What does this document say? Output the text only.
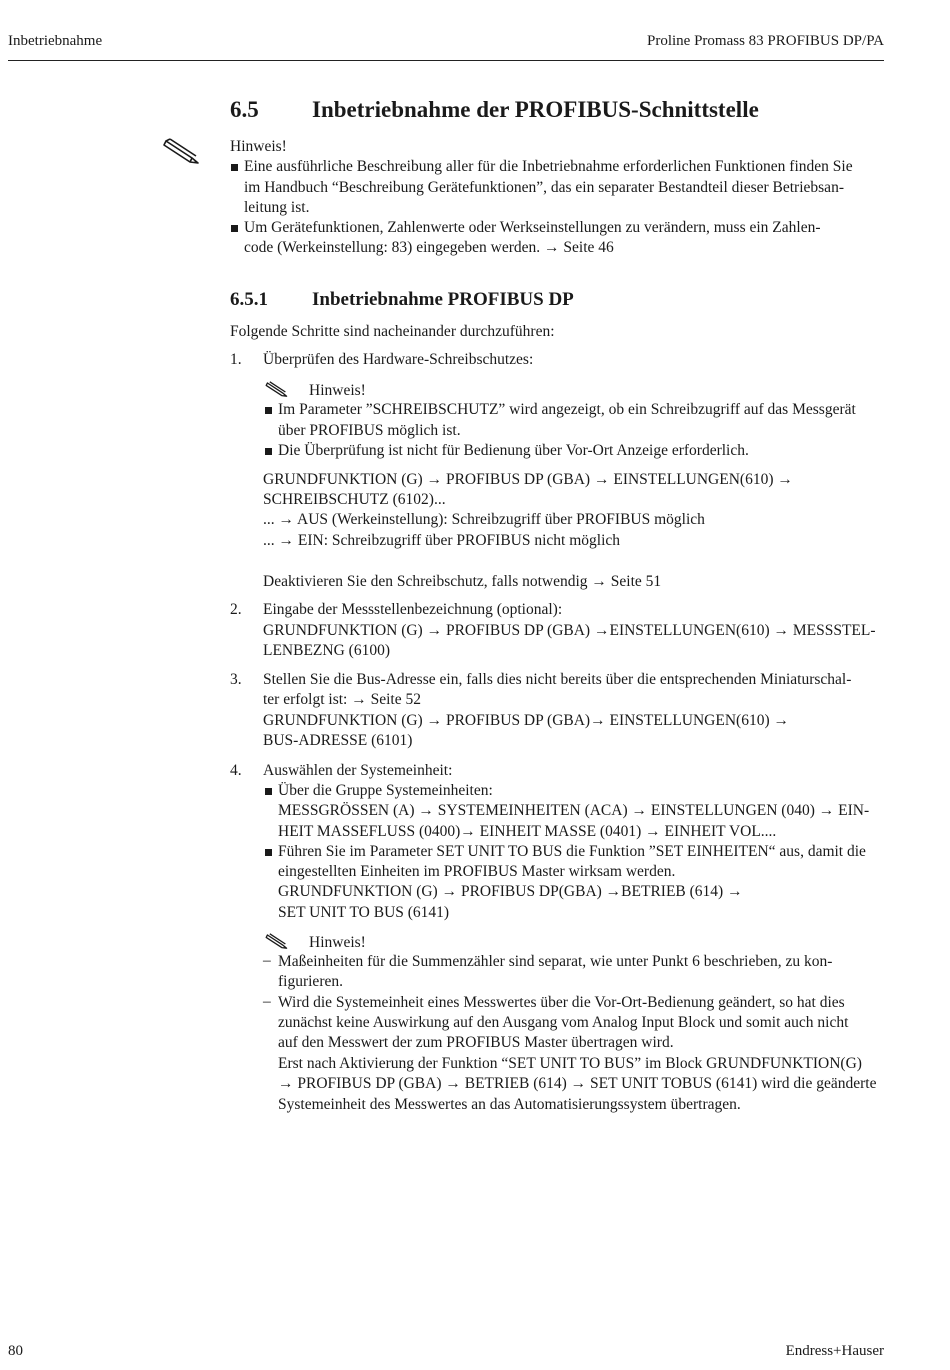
Inbetriebnahme	Proline Promass 83 PROFIBUS DP/PA
6.5 Inbetriebnahme der PROFIBUS-Schnittstelle
Hinweis!
Eine ausführliche Beschreibung aller für die Inbetriebnahme erforderlichen Funktionen finden Sie
im Handbuch “Beschreibung Gerätefunktionen”, das ein separater Bestandteil dieser Betriebsan-
leitung ist.
Um Gerätefunktionen, Zahlenwerte oder Werkseinstellungen zu verändern, muss ein Zahlen-
code (Werkeinstellung: 83) eingegeben werden. → Seite 46
6.5.1 Inbetriebnahme PROFIBUS DP
Folgende Schritte sind nacheinander durchzuführen:
1. Überprüfen des Hardware-Schreibschutzes:
Hinweis!
Im Parameter ”SCHREIBSCHUTZ” wird angezeigt, ob ein Schreibzugriff auf das Messgerät
über PROFIBUS möglich ist.
Die Überprüfung ist nicht für Bedienung über Vor-Ort Anzeige erforderlich.
GRUNDFUNKTION (G) → PROFIBUS DP (GBA) → EINSTELLUNGEN(610) →
SCHREIBSCHUTZ (6102)...
... → AUS (Werkeinstellung): Schreibzugriff über PROFIBUS möglich
... → EIN: Schreibzugriff über PROFIBUS nicht möglich
Deaktivieren Sie den Schreibschutz, falls notwendig → Seite 51
2. Eingabe der Messstellenbezeichnung (optional):
GRUNDFUNKTION (G) → PROFIBUS DP (GBA) →EINSTELLUNGEN(610) → MESSSTEL-
LENBEZNG (6100)
3. Stellen Sie die Bus-Adresse ein, falls dies nicht bereits über die entsprechenden Miniaturschal-
ter erfolgt ist: → Seite 52
GRUNDFUNKTION (G) → PROFIBUS DP (GBA)→ EINSTELLUNGEN(610) →
BUS-ADRESSE (6101)
4. Auswählen der Systemeinheit:
Über die Gruppe Systemeinheiten:
MESSGRÖSSEN (A) → SYSTEMEINHEITEN (ACA) → EINSTELLUNGEN (040) → EIN-
HEIT MASSEFLUSS (0400)→ EINHEIT MASSE (0401) → EINHEIT VOL....
Führen Sie im Parameter SET UNIT TO BUS die Funktion ”SET EINHEITEN“ aus, damit die
eingestellten Einheiten im PROFIBUS Master wirksam werden.
GRUNDFUNKTION (G) → PROFIBUS DP(GBA) →BETRIEB (614) →
SET UNIT TO BUS (6141)
Hinweis!
– Maßeinheiten für die Summenzähler sind separat, wie unter Punkt 6 beschrieben, zu kon-
figurieren.
– Wird die Systemeinheit eines Messwertes über die Vor-Ort-Bedienung geändert, so hat dies
zunächst keine Auswirkung auf den Ausgang vom Analog Input Block und somit auch nicht
auf den Messwert der zum PROFIBUS Master übertragen wird.
Erst nach Aktivierung der Funktion “SET UNIT TO BUS” im Block GRUNDFUNKTION(G)
→ PROFIBUS DP (GBA) → BETRIEB (614) → SET UNIT TOBUS (6141) wird die geänderte
Systemeinheit des Messwertes an das Automatisierungssystem übertragen.
80	Endress+Hauser
